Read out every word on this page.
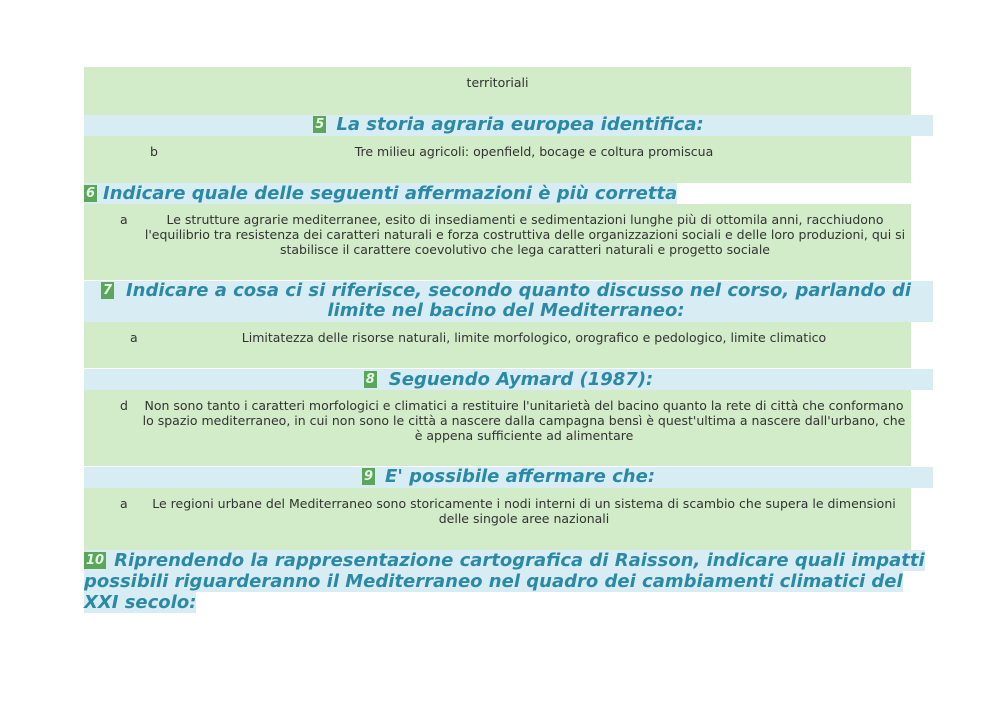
territoriali
5 La storia agraria europea identifica:
b	Tre milieu agricoli: openfield, bocage e coltura promiscua
6 Indicare quale delle seguenti affermazioni è più corretta
a	Le strutture agrarie mediterranee, esito di insediamenti e sedimentazioni lunghe più di ottomila anni, racchiudono l'equilibrio tra resistenza dei caratteri naturali e forza costruttiva delle organizzazioni sociali e delle loro produzioni, qui si stabilisce il carattere coevolutivo che lega caratteri naturali e progetto sociale
7 Indicare a cosa ci si riferisce, secondo quanto discusso nel corso, parlando di limite nel bacino del Mediterraneo:
a	Limitatezza delle risorse naturali, limite morfologico, orografico e pedologico, limite climatico
8 Seguendo Aymard (1987):
d Non sono tanto i caratteri morfologici e climatici a restituire l'unitarietà del bacino quanto la rete di città che conformano lo spazio mediterraneo, in cui non sono le città a nascere dalla campagna bensì è quest'ultima a nascere dall'urbano, che è appena sufficiente ad alimentare
9 E' possibile affermare che:
a	Le regioni urbane del Mediterraneo sono storicamente i nodi interni di un sistema di scambio che supera le dimensioni delle singole aree nazionali
10 Riprendendo la rappresentazione cartografica di Raisson, indicare quali impatti
possibili riguarderanno il Mediterraneo nel quadro dei cambiamenti climatici del
XXI secolo:
